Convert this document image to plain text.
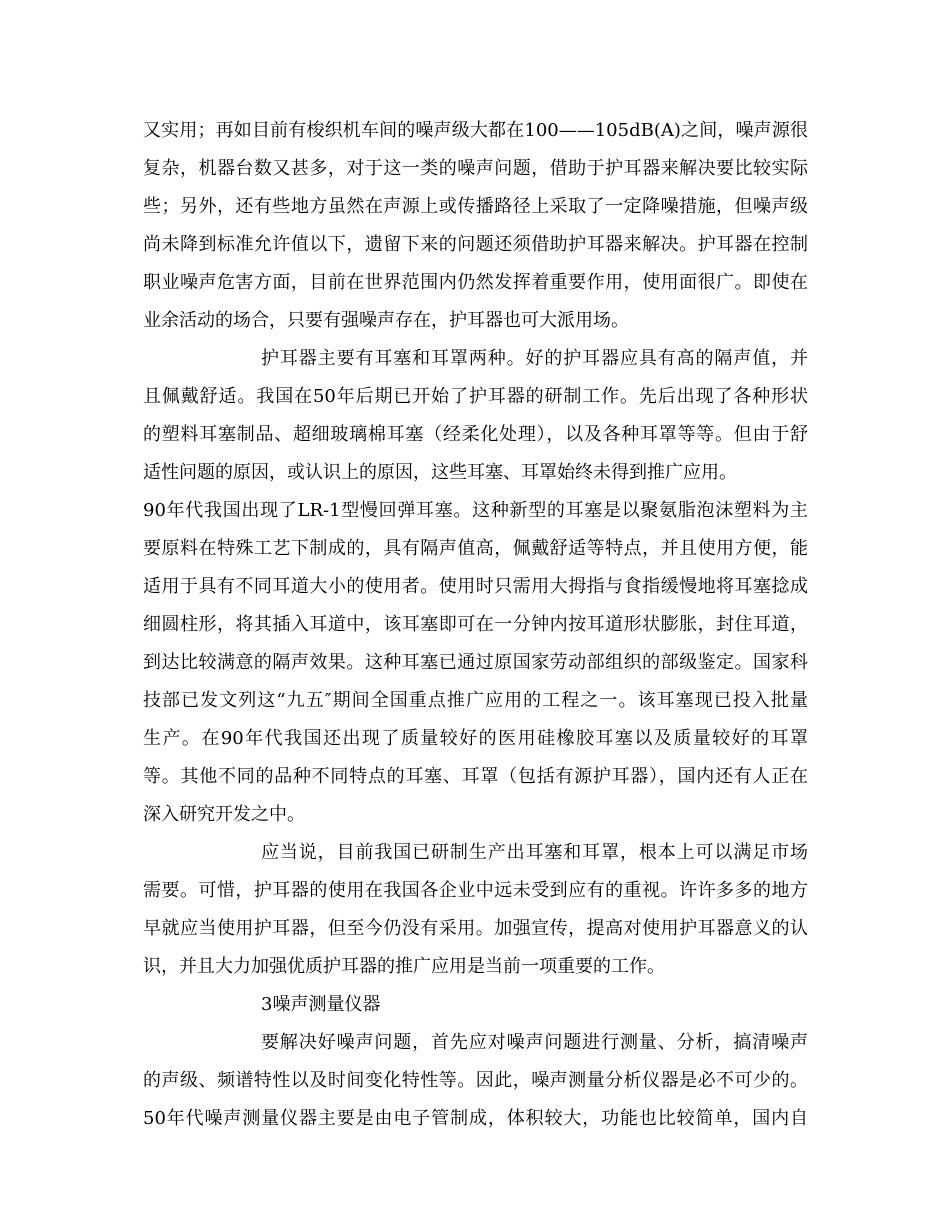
又实用；再如目前有梭织机车间的噪声级大都在100——105dB(A)之间，噪声源很
复杂，机器台数又甚多，对于这一类的噪声问题，借助于护耳器来解决要比较实际
些；另外，还有些地方虽然在声源上或传播路径上采取了一定降噪措施，但噪声级
尚未降到标准允许值以下，遗留下来的问题还须借助护耳器来解决。护耳器在控制
职业噪声危害方面，目前在世界范围内仍然发挥着重要作用，使用面很广。即使在
业余活动的场合，只要有强噪声存在，护耳器也可大派用场。
护耳器主要有耳塞和耳罩两种。好的护耳器应具有高的隔声值，并
且佩戴舒适。我国在50年后期已开始了护耳器的研制工作。先后出现了各种形状
的塑料耳塞制品、超细玻璃棉耳塞（经柔化处理），以及各种耳罩等等。但由于舒
适性问题的原因，或认识上的原因，这些耳塞、耳罩始终未得到推广应用。
90年代我国出现了LR-1型慢回弹耳塞。这种新型的耳塞是以聚氨脂泡沫塑料为主
要原料在特殊工艺下制成的，具有隔声值高，佩戴舒适等特点，并且使用方便，能
适用于具有不同耳道大小的使用者。使用时只需用大拇指与食指缓慢地将耳塞捻成
细圆柱形，将其插入耳道中，该耳塞即可在一分钟内按耳道形状膨胀，封住耳道，
到达比较满意的隔声效果。这种耳塞已通过原国家劳动部组织的部级鉴定。国家科
技部已发文列这“九五″期间全国重点推广应用的工程之一。该耳塞现已投入批量
生产。在90年代我国还出现了质量较好的医用硅橡胶耳塞以及质量较好的耳罩
等。其他不同的品种不同特点的耳塞、耳罩（包括有源护耳器），国内还有人正在
深入研究开发之中。
应当说，目前我国已研制生产出耳塞和耳罩，根本上可以满足市场
需要。可惜，护耳器的使用在我国各企业中远未受到应有的重视。许许多多的地方
早就应当使用护耳器，但至今仍没有采用。加强宣传，提高对使用护耳器意义的认
识，并且大力加强优质护耳器的推广应用是当前一项重要的工作。
3噪声测量仪器
要解决好噪声问题，首先应对噪声问题进行测量、分析，搞清噪声
的声级、频谱特性以及时间变化特性等。因此，噪声测量分析仪器是必不可少的。
50年代噪声测量仪器主要是由电子管制成，体积较大，功能也比较简单，国内自
